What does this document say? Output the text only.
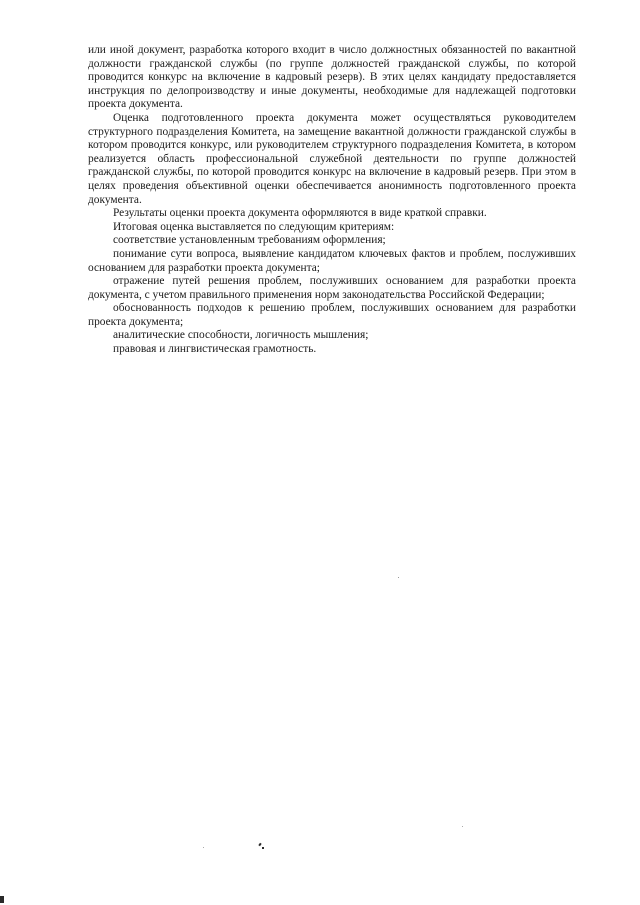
или иной документ, разработка которого входит в число должностных обязанностей по вакантной должности гражданской службы (по группе должностей гражданской службы, по которой проводится конкурс на включение в кадровый резерв). В этих целях кандидату предоставляется инструкция по делопроизводству и иные документы, необходимые для надлежащей подготовки проекта документа.

Оценка подготовленного проекта документа может осуществляться руководителем структурного подразделения Комитета, на замещение вакантной должности гражданской службы в котором проводится конкурс, или руководителем структурного подразделения Комитета, в котором реализуется область профессиональной служебной деятельности по группе должностей гражданской службы, по которой проводится конкурс на включение в кадровый резерв. При этом в целях проведения объективной оценки обеспечивается анонимность подготовленного проекта документа.

Результаты оценки проекта документа оформляются в виде краткой справки.

Итоговая оценка выставляется по следующим критериям:

соответствие установленным требованиям оформления;

понимание сути вопроса, выявление кандидатом ключевых фактов и проблем, послуживших основанием для разработки проекта документа;

отражение путей решения проблем, послуживших основанием для разработки проекта документа, с учетом правильного применения норм законодательства Российской Федерации;

обоснованность подходов к решению проблем, послуживших основанием для разработки проекта документа;

аналитические способности, логичность мышления;

правовая и лингвистическая грамотность.
